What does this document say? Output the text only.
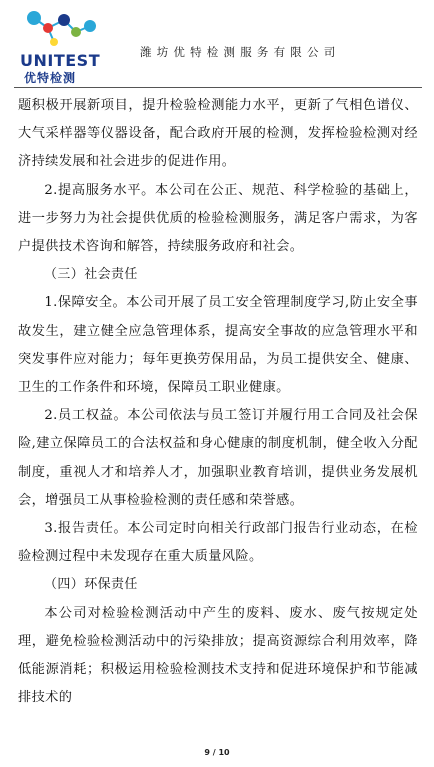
UNITEST
优特检测
潍坊优特检测服务有限公司

题积极开展新项目，提升检验检测能力水平，更新了气相色谱仪、大气采样器等仪器设备，配合政府开展的检测，发挥检验检测对经济持续发展和社会进步的促进作用。

2.提高服务水平。本公司在公正、规范、科学检验的基础上，进一步努力为社会提供优质的检验检测服务，满足客户需求，为客户提供技术咨询和解答，持续服务政府和社会。

（三）社会责任

1.保障安全。本公司开展了员工安全管理制度学习,防止安全事故发生，建立健全应急管理体系，提高安全事故的应急管理水平和突发事件应对能力；每年更换劳保用品，为员工提供安全、健康、卫生的工作条件和环境，保障员工职业健康。

2.员工权益。本公司依法与员工签订并履行用工合同及社会保险,建立保障员工的合法权益和身心健康的制度机制，健全收入分配制度，重视人才和培养人才，加强职业教育培训，提供业务发展机会，增强员工从事检验检测的责任感和荣誉感。

3.报告责任。本公司定时向相关行政部门报告行业动态，在检验检测过程中未发现存在重大质量风险。

（四）环保责任

本公司对检验检测活动中产生的废料、废水、废气按规定处理，避免检验检测活动中的污染排放；提高资源综合利用效率，降低能源消耗；积极运用检验检测技术支持和促进环境保护和节能减排技术的

9 / 10
